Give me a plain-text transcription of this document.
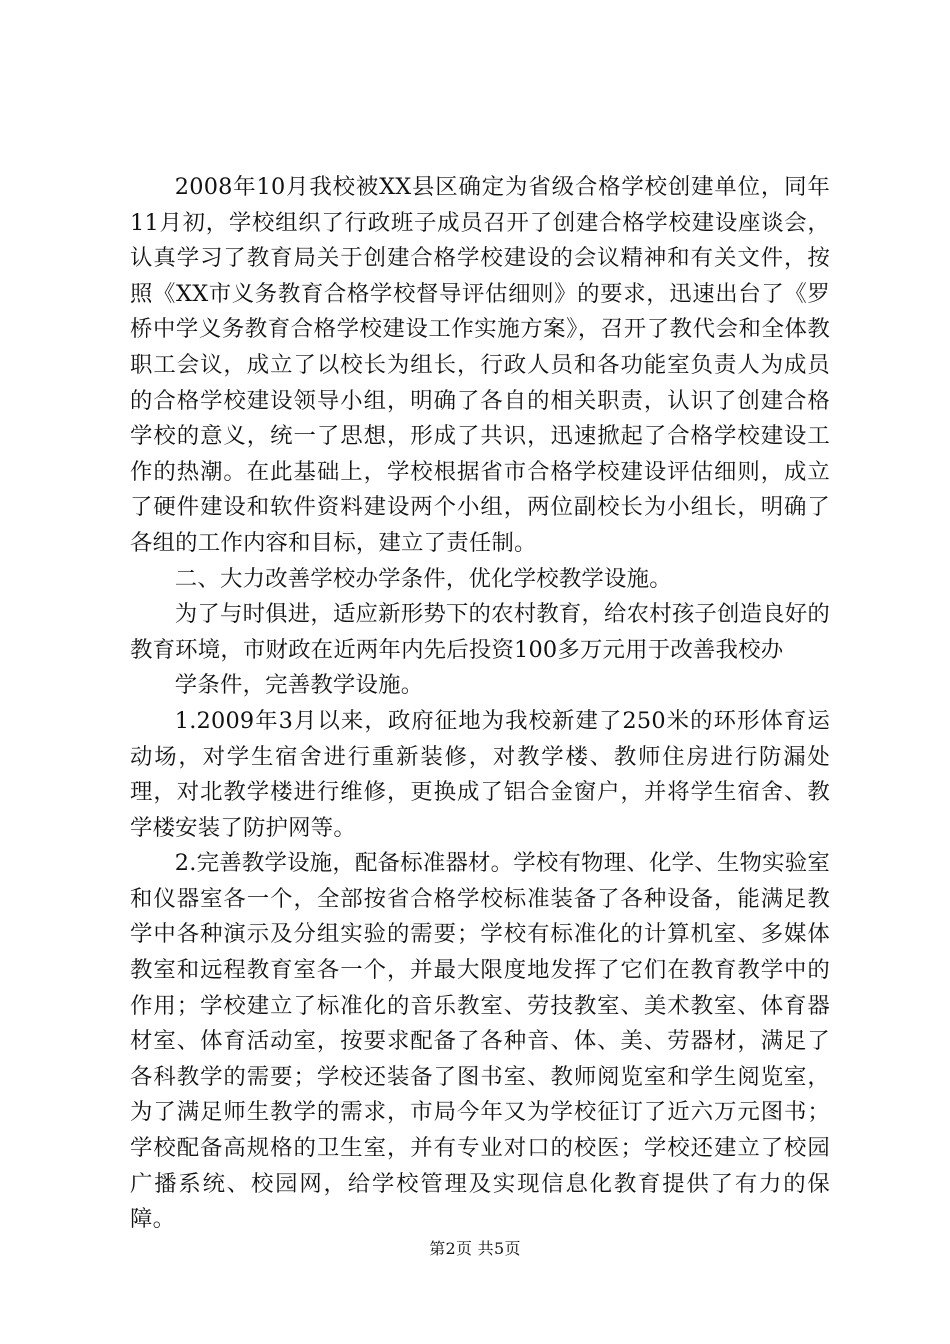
2008年10月我校被XX县区确定为省级合格学校创建单位，同年11月初，学校组织了行政班子成员召开了创建合格学校建设座谈会，认真学习了教育局关于创建合格学校建设的会议精神和有关文件，按照《XX市义务教育合格学校督导评估细则》的要求，迅速出台了《罗桥中学义务教育合格学校建设工作实施方案》，召开了教代会和全体教职工会议，成立了以校长为组长，行政人员和各功能室负责人为成员的合格学校建设领导小组，明确了各自的相关职责，认识了创建合格学校的意义，统一了思想，形成了共识，迅速掀起了合格学校建设工作的热潮。在此基础上，学校根据省市合格学校建设评估细则，成立了硬件建设和软件资料建设两个小组，两位副校长为小组长，明确了各组的工作内容和目标，建立了责任制。

二、大力改善学校办学条件，优化学校教学设施。

为了与时俱进，适应新形势下的农村教育，给农村孩子创造良好的教育环境，市财政在近两年内先后投资100多万元用于改善我校办

学条件，完善教学设施。

1.2009年3月以来，政府征地为我校新建了250米的环形体育运动场，对学生宿舍进行重新装修，对教学楼、教师住房进行防漏处理，对北教学楼进行维修，更换成了铝合金窗户，并将学生宿舍、教学楼安装了防护网等。

2.完善教学设施，配备标准器材。学校有物理、化学、生物实验室和仪器室各一个，全部按省合格学校标准装备了各种设备，能满足教学中各种演示及分组实验的需要；学校有标准化的计算机室、多媒体教室和远程教育室各一个，并最大限度地发挥了它们在教育教学中的作用；学校建立了标准化的音乐教室、劳技教室、美术教室、体育器材室、体育活动室，按要求配备了各种音、体、美、劳器材，满足了各科教学的需要；学校还装备了图书室、教师阅览室和学生阅览室，为了满足师生教学的需求，市局今年又为学校征订了近六万元图书；学校配备高规格的卫生室，并有专业对口的校医；学校还建立了校园广播系统、校园网，给学校管理及实现信息化教育提供了有力的保障。

第2页 共5页
